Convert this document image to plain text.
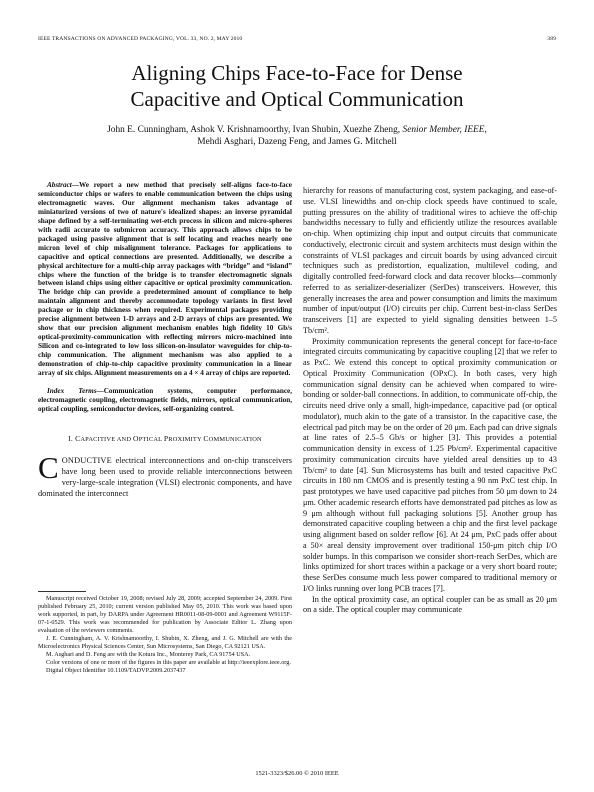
IEEE TRANSACTIONS ON ADVANCED PACKAGING, VOL. 33, NO. 2, MAY 2010	389
Aligning Chips Face-to-Face for Dense
Capacitive and Optical Communication
John E. Cunningham, Ashok V. Krishnamoorthy, Ivan Shubin, Xuezhe Zheng, Senior Member, IEEE,
Mehdi Asghari, Dazeng Feng, and James G. Mitchell

Abstract—We report a new method that precisely self-aligns face-to-face semiconductor chips or wafers to enable communication between the chips using electromagnetic waves. Our alignment mechanism takes advantage of miniaturized versions of two of nature's idealized shapes: an inverse pyramidal shape defined by a self-terminating wet-etch process in silicon and micro-spheres with radii accurate to submicron accuracy. This approach allows chips to be packaged using passive alignment that is self locating and reaches nearly one micron level of chip misalignment tolerance. Packages for applications to capacitive and optical connections are presented. Additionally, we describe a physical architecture for a multi-chip array packages with “bridge” and “island” chips where the function of the bridge is to transfer electromagnetic signals between island chips using either capacitive or optical proximity communication. The bridge chip can provide a predetermined amount of compliance to help maintain alignment and thereby accommodate topology variants in first level package or in chip thickness when required. Experimental packages providing precise alignment between 1-D arrays and 2-D arrays of chips are presented. We show that our precision alignment mechanism enables high fidelity 10 Gb/s optical-proximity-communication with reflecting mirrors micro-machined into Silicon and co-integrated to low loss silicon-on-insulator waveguides for chip-to-chip communication. The alignment mechanism was also applied to a demonstration of chip-to-chip capacitive proximity communication in a linear array of six chips. Alignment measurements on a 4 × 4 array of chips are reported.

Index Terms—Communication systems, computer performance, electromagnetic coupling, electromagnetic fields, mirrors, optical communication, optical coupling, semiconductor devices, self-organizing control.

I. CAPACITIVE AND OPTICAL PROXIMITY COMMUNICATION

CONDUCTIVE electrical interconnections and on-chip transceivers have long been used to provide reliable interconnections between very-large-scale integration (VLSI) electronic components, and have dominated the interconnect

Manuscript received October 19, 2008; revised July 28, 2009; accepted September 24, 2009. First published February 25, 2010; current version published May 05, 2010. This work was based upon work supported, in part, by DARPA under Agreement HR0011-08-09-0001 and Agreement W9115F-07-1-0529. This work was recommended for publication by Associate Editor L. Zhang upon evaluation of the reviewers comments.

J. E. Cunningham, A. V. Krishnamoorthy, I. Shubin, X. Zheng, and J. G. Mitchell are with the Microelectronics Physical Sciences Center, Sun Microsystems, San Diego, CA 92121 USA.

M. Asghari and D. Feng are with the Kotura Inc., Monterey Park, CA 91754 USA.

Color versions of one or more of the figures in this paper are available at http://ieeexplore.ieee.org.

Digital Object Identifier 10.1109/TADVP.2009.2037437

hierarchy for reasons of manufacturing cost, system packaging, and ease-of-use. VLSI linewidths and on-chip clock speeds have continued to scale, putting pressures on the ability of traditional wires to achieve the off-chip bandwidths necessary to fully and efficiently utilize the resources available on-chip. When optimizing chip input and output circuits that communicate conductively, electronic circuit and system architects must design within the constraints of VLSI packages and circuit boards by using advanced circuit techniques such as predistortion, equalization, multilevel coding, and digitally controlled feed-forward clock and data recover blocks—commonly referred to as serializer-deserializer (SerDes) transceivers. However, this generally increases the area and power consumption and limits the maximum number of input/output (I/O) circuits per chip. Current best-in-class SerDes transceivers [1] are expected to yield signaling densities between 1–5 Tb/cm².

Proximity communication represents the general concept for face-to-face integrated circuits communicating by capacitive coupling [2] that we refer to as PxC. We extend this concept to optical proximity communication or Optical Proximity Communication (OPxC). In both cases, very high communication signal density can be achieved when compared to wire-bonding or solder-ball connections. In addition, to communicate off-chip, the circuits need drive only a small, high-impedance, capacitive pad (or optical modulator), much akin to the gate of a transistor. In the capacitive case, the electrical pad pitch may be on the order of 20 μm. Each pad can drive signals at line rates of 2.5–5 Gb/s or higher [3]. This provides a potential communication density in excess of 1.25 Pb/cm². Experimental capacitive proximity communication circuits have yielded areal densities up to 43 Tb/cm² to date [4]. Sun Microsystems has built and tested capacitive PxC circuits in 180 nm CMOS and is presently testing a 90 nm PxC test chip. In past prototypes we have used capacitive pad pitches from 50 μm down to 24 μm. Other academic research efforts have demonstrated pad pitches as low as 9 μm although without full packaging solutions [5]. Another group has demonstrated capacitive coupling between a chip and the first level package using alignment based on solder reflow [6]. At 24 μm, PxC pads offer about a 50× areal density improvement over traditional 150-μm pitch chip I/O solder bumps. In this comparison we consider short-reach SerDes, which are links optimized for short traces within a package or a very short board route; these SerDes consume much less power compared to traditional memory or I/O links running over long PCB traces [7].

In the optical proximity case, an optical coupler can be as small as 20 μm on a side. The optical coupler may communicate

1521-3323/$26.00 © 2010 IEEE
